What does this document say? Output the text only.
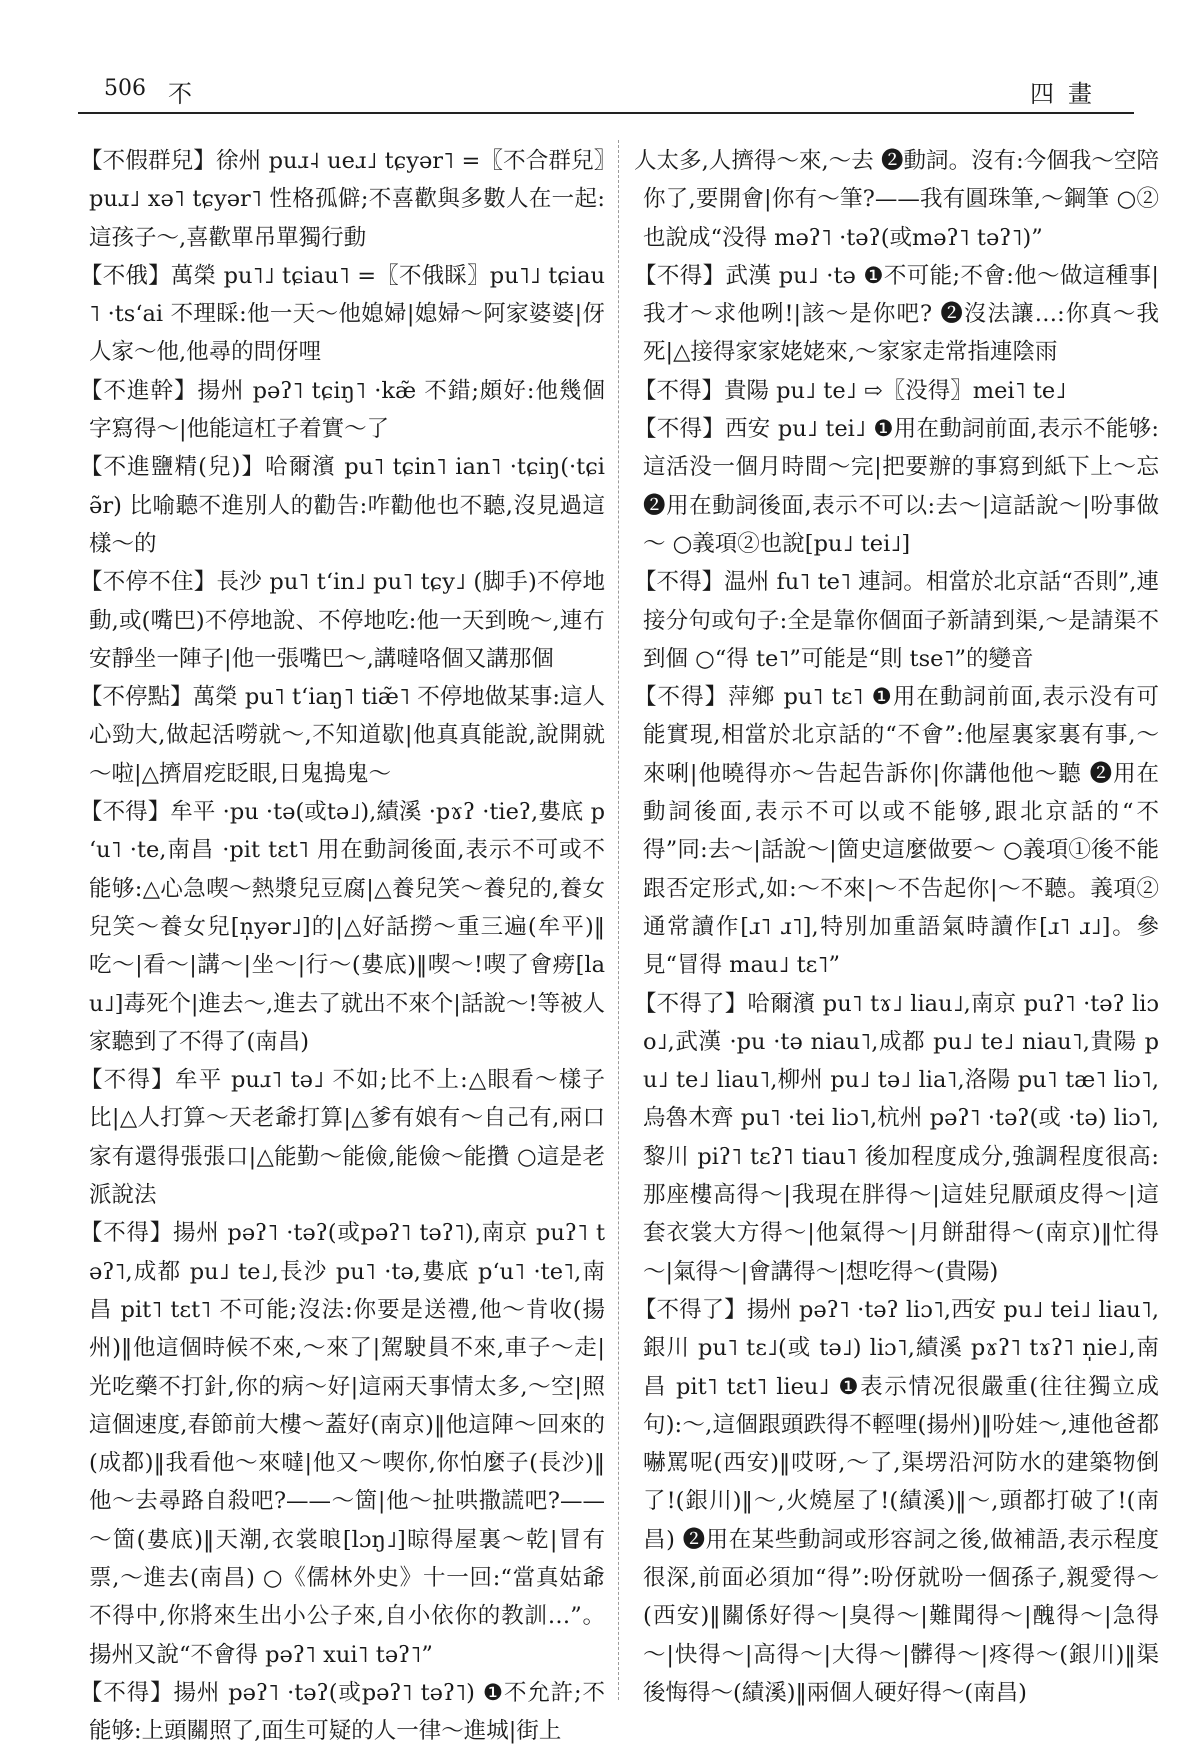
506 不	四畫

【不假群兒】徐州 puɹ˨ ueɹ˩ tɕyər˥ =〖不合群兒〗puɹ˩ xə˥ tɕyər˥ 性格孤僻;不喜歡與多數人在一起:這孩子～,喜歡單吊單獨行動

【不俄】萬榮 pu˥˩ tɕiau˥ =〖不俄睬〗pu˥˩ tɕiau˥ ·tsʻai 不理睬:他一天～他媳婦|媳婦～阿家婆婆|伢人家～他,他尋的問伢哩

【不進幹】揚州 pəʔ˥ tɕiŋ˥ ·kæ̃ 不錯;頗好:他幾個字寫得～|他能這杠子着實～了

【不進鹽精(兒)】哈爾濱 pu˥ tɕin˥ ian˥ ·tɕiŋ(·tɕiə̃r) 比喻聽不進別人的勸告:咋勸他也不聽,沒見過這樣～的

【不停不住】長沙 pu˥ tʻin˩ pu˥ tɕy˩ (脚手)不停地動,或(嘴巴)不停地說、不停地吃:他一天到晚～,連冇安靜坐一陣子|他一張嘴巴～,講噠咯個又講那個

【不停點】萬榮 pu˥ tʻiaŋ˥ tiæ̃˥ 不停地做某事:這人心勁大,做起活嘮就～,不知道歇|他真真能說,說開就～啦|△擠眉疙眨眼,日鬼搗鬼～

【不得】牟平 ·pu ·tə(或tə˩),績溪 ·pɤʔ ·tieʔ,婁底 pʻu˥ ·te,南昌 ·pit tɛt˥ 用在動詞後面,表示不可或不能够:△心急喫～熱漿兒豆腐|△養兒笑～養兒的,養女兒笑～養女兒[n̩yər˩]的|△好話撈～重三遍(牟平)‖吃～|看～|講～|坐～|行～(婁底)‖喫～!喫了會痨[lau˩]毒死个|進去～,進去了就出不來个|話說～!等被人家聽到了不得了(南昌)

【不得】牟平 puɹ˥ tə˩ 不如;比不上:△眼看～樣子比|△人打算～天老爺打算|△爹有娘有～自己有,兩口家有還得張張口|△能勤～能儉,能儉～能攢 ○這是老派說法

【不得】揚州 pəʔ˥ ·təʔ(或pəʔ˥ təʔ˥),南京 puʔ˥ təʔ˥,成都 pu˩ te˩,長沙 pu˥ ·tə,婁底 pʻu˥ ·te˥,南昌 pit˥ tɛt˥ 不可能;沒法:你要是送禮,他～肯收(揚州)‖他這個時候不來,～來了|駕駛員不來,車子～走|光吃藥不打針,你的病～好|這兩天事情太多,～空|照這個速度,春節前大樓～蓋好(南京)‖他這陣～回來的(成都)‖我看他～來噠|他又～喫你,你怕麼子(長沙)‖他～去尋路自殺吧?——～箇|他～扯哄撒謊吧?——～箇(婁底)‖天潮,衣裳㫰[lɔŋ˩]晾得屋裏～乾|冒有票,～進去(南昌) ○《儒林外史》十一回:“當真姑爺不得中,你將來生出小公子來,自小依你的教訓…”。揚州又說“不會得 pəʔ˥ xui˥ təʔ˥”

【不得】揚州 pəʔ˥ ·təʔ(或pəʔ˥ təʔ˥) ❶不允許;不能够:上頭關照了,面生可疑的人一律～進城|街上

人太多,人擠得～來,～去 ❷動詞。沒有:今個我～空陪你了,要開會|你有～筆?——我有圓珠筆,～鋼筆 ○②也說成“没得 məʔ˥ ·təʔ(或məʔ˥ təʔ˥)”

【不得】武漢 pu˩ ·tə ❶不可能;不會:他～做這種事|我才～求他咧!|該～是你吧? ❷沒法讓…:你真～我死|△接得家家姥姥來,～家家走常指連陰雨

【不得】貴陽 pu˩ te˩ ⇨〖没得〗mei˥ te˩

【不得】西安 pu˩ tei˩ ❶用在動詞前面,表示不能够:這活没一個月時間～完|把要辦的事寫到紙下上～忘 ❷用在動詞後面,表示不可以:去～|這話說～|吩事做～ ○義項②也說[pu˩ tei˩]

【不得】温州 fu˥ te˥ 連詞。相當於北京話“否則”,連接分句或句子:全是靠你個面子新請到渠,～是請渠不到個 ○“得 te˥”可能是“則 tse˥”的變音

【不得】萍鄉 pu˥ tɛ˥ ❶用在動詞前面,表示没有可能實現,相當於北京話的“不會”:他屋裏家裏有事,～來唎|他曉得亦～告起告訴你|你講他他～聽 ❷用在動詞後面,表示不可以或不能够,跟北京話的“不得”同:去～|話說～|箇史這麼做要～ ○義項①後不能跟否定形式,如:～不來|～不告起你|～不聽。義項②通常讀作[ɹ˥ ɹ˥],特別加重語氣時讀作[ɹ˥ ɹ˩]。參見“冒得 mau˩ tɛ˥”

【不得了】哈爾濱 pu˥ tɤ˩ liau˩,南京 puʔ˥ ·təʔ liɔo˩,武漢 ·pu ·tə niau˥,成都 pu˩ te˩ niau˥,貴陽 pu˩ te˩ liau˥,柳州 pu˩ tə˩ lia˥,洛陽 pu˥ tæ˥ liɔ˥,烏魯木齊 pu˥ ·tei liɔ˥,杭州 pəʔ˥ ·təʔ(或 ·tə) liɔ˥,黎川 piʔ˥ tɛʔ˥ tiau˥ 後加程度成分,強調程度很高:那座樓高得～|我現在胖得～|這娃兒厭頑皮得～|這套衣裳大方得～|他氣得～|月餅甜得～(南京)‖忙得～|氣得～|會講得～|想吃得～(貴陽)

【不得了】揚州 pəʔ˥ ·təʔ liɔ˥,西安 pu˩ tei˩ liau˥,銀川 pu˥ tɛ˩(或 tə˩) liɔ˥,績溪 pɤʔ˥ tɤʔ˥ n̩ie˩,南昌 pit˥ tɛt˥ lieu˩ ❶表示情况很嚴重(往往獨立成句):～,這個跟頭跌得不輕哩(揚州)‖吩娃～,連他爸都嚇罵呢(西安)‖哎呀,～了,渠塄沿河防水的建築物倒了!(銀川)‖～,火燒屋了!(績溪)‖～,頭都打破了!(南昌) ❷用在某些動詞或形容詞之後,做補語,表示程度很深,前面必須加“得”:吩伢就吩一個孫子,親愛得～(西安)‖關係好得～|臭得～|難聞得～|醜得～|急得～|快得～|高得～|大得～|髒得～|疼得～(銀川)‖渠後悔得～(績溪)‖兩個人硬好得～(南昌)
